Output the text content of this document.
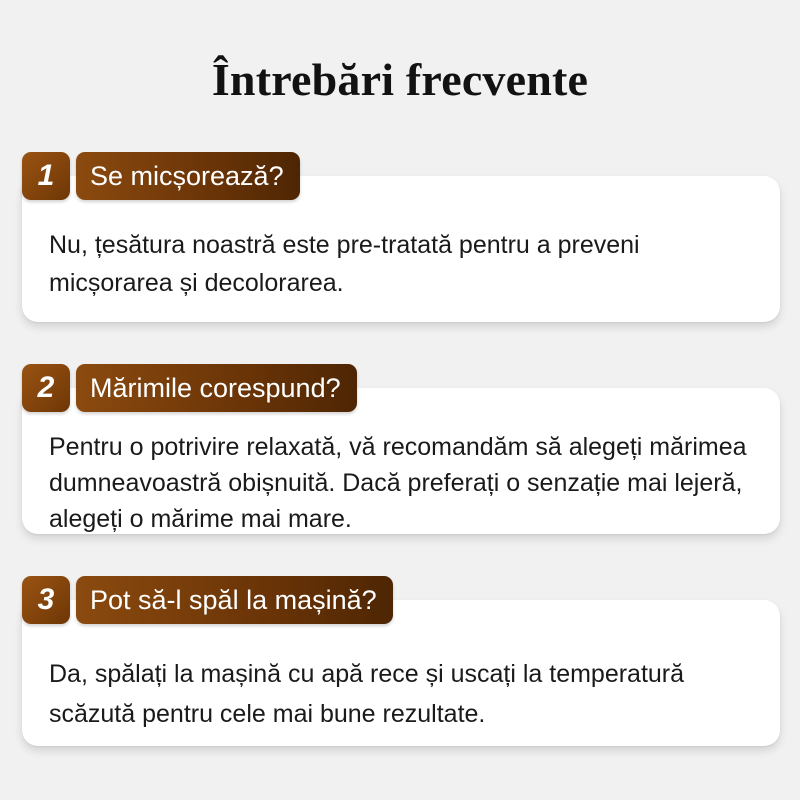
Întrebări frecvente

Nu, țesătura noastră este pre-tratată pentru a preveni micșorarea și decolorarea.

1	Se micșorează?

Pentru o potrivire relaxată, vă recomandăm să alegeți mărimea dumneavoastră obișnuită. Dacă preferați o senzație mai lejeră, alegeți o mărime mai mare.

2	Mărimile corespund?

Da, spălați la mașină cu apă rece și uscați la temperatură scăzută pentru cele mai bune rezultate.

3	Pot să-l spăl la mașină?
